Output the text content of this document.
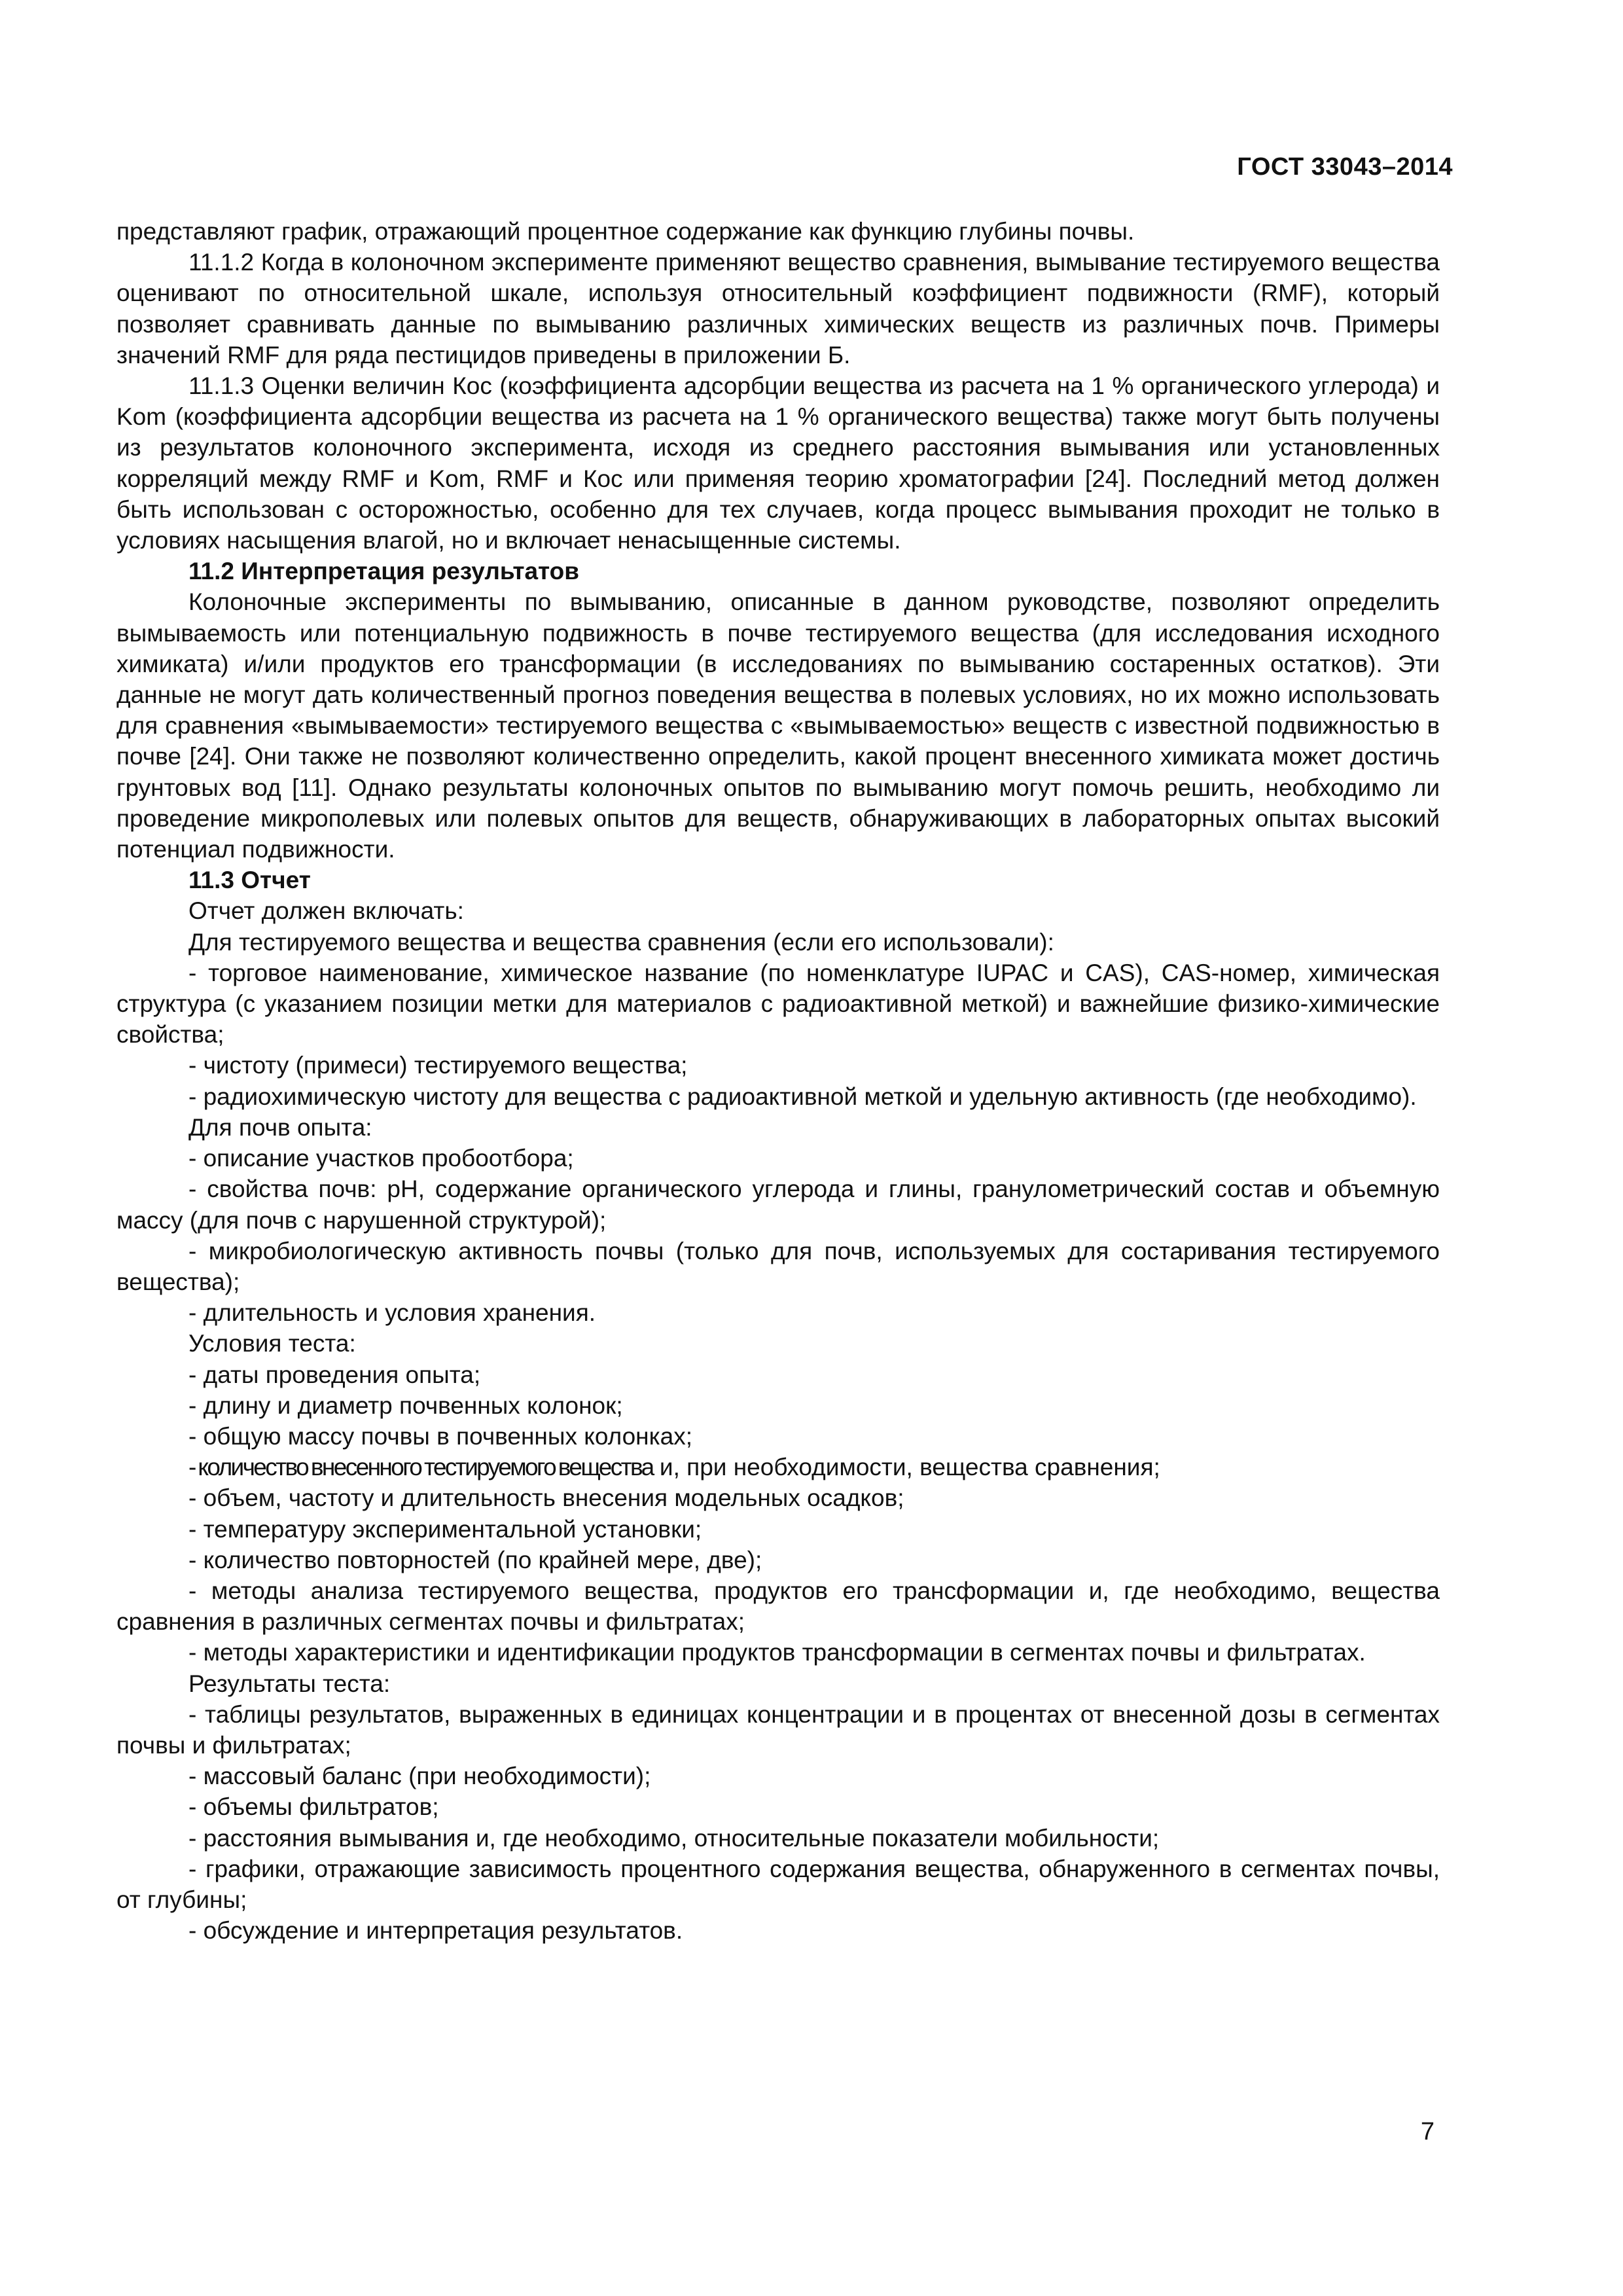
ГОСТ 33043–2014

представляют график, отражающий процентное содержание как функцию глубины почвы.

11.1.2 Когда в колоночном эксперименте применяют вещество сравнения, вымывание тестируемого вещества оценивают по относительной шкале, используя относительный коэффициент подвижности (RMF), который позволяет сравнивать данные по вымыванию различных химических веществ из различных почв. Примеры значений RMF для ряда пестицидов приведены в приложении Б.

11.1.3 Оценки величин Кос (коэффициента адсорбции вещества из расчета на 1 % органического углерода) и Kom (коэффициента адсорбции вещества из расчета на 1 % органического вещества) также могут быть получены из результатов колоночного эксперимента, исходя из среднего расстояния вымывания или установленных корреляций между RMF и Kom, RMF и Кос или применяя теорию хроматографии [24]. Последний метод должен быть использован с осторожностью, особенно для тех случаев, когда процесс вымывания проходит не только в условиях насыщения влагой, но и включает ненасыщенные системы.

11.2 Интерпретация результатов

Колоночные эксперименты по вымыванию, описанные в данном руководстве, позволяют определить вымываемость или потенциальную подвижность в почве тестируемого вещества (для исследования исходного химиката) и/или продуктов его трансформации (в исследованиях по вымыванию состаренных остатков). Эти данные не могут дать количественный прогноз поведения вещества в полевых условиях, но их можно использовать для сравнения «вымываемости» тестируемого вещества с «вымываемостью» веществ с известной подвижностью в почве [24]. Они также не позволяют количественно определить, какой процент внесенного химиката может достичь грунтовых вод [11]. Однако результаты колоночных опытов по вымыванию могут помочь решить, необходимо ли проведение микрополевых или полевых опытов для веществ, обнаруживающих в лабораторных опытах высокий потенциал подвижности.

11.3 Отчет

Отчет должен включать:

Для тестируемого вещества и вещества сравнения (если его использовали):

- торговое наименование, химическое название (по номенклатуре IUPAC и CAS), CAS-номер, химическая структура (с указанием позиции метки для материалов с радиоактивной меткой) и важнейшие физико-химические свойства;

- чистоту (примеси) тестируемого вещества;

- радиохимическую чистоту для вещества с радиоактивной меткой и удельную активность (где необходимо).

Для почв опыта:

- описание участков пробоотбора;

- свойства почв: рН, содержание органического углерода и глины, гранулометрический состав и объемную массу (для почв с нарушенной структурой);

- микробиологическую активность почвы (только для почв, используемых для состаривания тестируемого вещества);

- длительность и условия хранения.

Условия теста:

- даты проведения опыта;

- длину и диаметр почвенных колонок;

- общую массу почвы в почвенных колонках;

- количество внесенного тестируемого вещества и, при необходимости, вещества сравнения;

- объем, частоту и длительность внесения модельных осадков;

- температуру экспериментальной установки;

- количество повторностей (по крайней мере, две);

- методы анализа тестируемого вещества, продуктов его трансформации и, где необходимо, вещества сравнения в различных сегментах почвы и фильтратах;

- методы характеристики и идентификации продуктов трансформации в сегментах почвы и фильтратах.

Результаты теста:

- таблицы результатов, выраженных в единицах концентрации и в процентах от внесенной дозы в сегментах почвы и фильтратах;

- массовый баланс (при необходимости);

- объемы фильтратов;

- расстояния вымывания и, где необходимо, относительные показатели мобильности;

- графики, отражающие зависимость процентного содержания вещества, обнаруженного в сегментах почвы, от глубины;

- обсуждение и интерпретация результатов.

7
